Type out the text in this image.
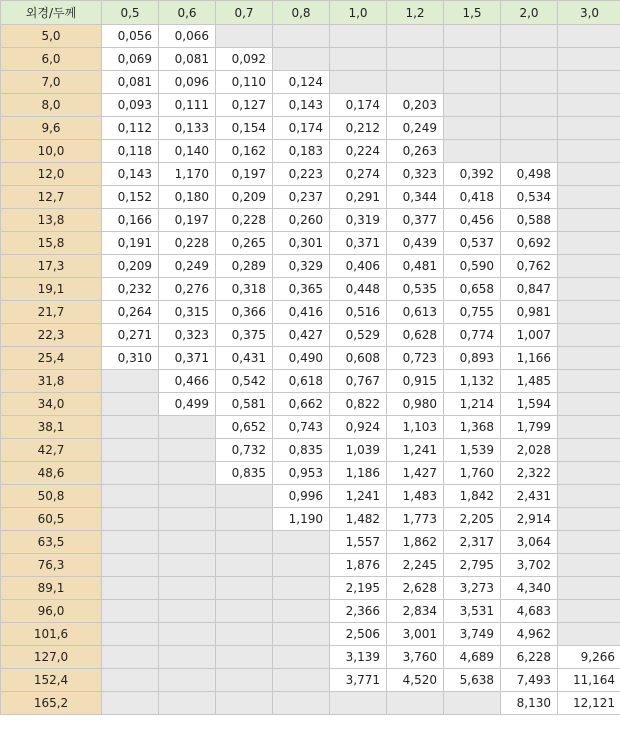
외경/두께	0,5	0,6	0,7	0,8	1,0	1,2	1,5	2,0	3,0
5,0	0,056	0,066							
6,0	0,069	0,081	0,092						
7,0	0,081	0,096	0,110	0,124					
8,0	0,093	0,111	0,127	0,143	0,174	0,203			
9,6	0,112	0,133	0,154	0,174	0,212	0,249			
10,0	0,118	0,140	0,162	0,183	0,224	0,263			
12,0	0,143	1,170	0,197	0,223	0,274	0,323	0,392	0,498	
12,7	0,152	0,180	0,209	0,237	0,291	0,344	0,418	0,534	
13,8	0,166	0,197	0,228	0,260	0,319	0,377	0,456	0,588	
15,8	0,191	0,228	0,265	0,301	0,371	0,439	0,537	0,692	
17,3	0,209	0,249	0,289	0,329	0,406	0,481	0,590	0,762	
19,1	0,232	0,276	0,318	0,365	0,448	0,535	0,658	0,847	
21,7	0,264	0,315	0,366	0,416	0,516	0,613	0,755	0,981	
22,3	0,271	0,323	0,375	0,427	0,529	0,628	0,774	1,007	
25,4	0,310	0,371	0,431	0,490	0,608	0,723	0,893	1,166	
31,8		0,466	0,542	0,618	0,767	0,915	1,132	1,485	
34,0		0,499	0,581	0,662	0,822	0,980	1,214	1,594	
38,1			0,652	0,743	0,924	1,103	1,368	1,799	
42,7			0,732	0,835	1,039	1,241	1,539	2,028	
48,6			0,835	0,953	1,186	1,427	1,760	2,322	
50,8				0,996	1,241	1,483	1,842	2,431	
60,5				1,190	1,482	1,773	2,205	2,914	
63,5					1,557	1,862	2,317	3,064	
76,3					1,876	2,245	2,795	3,702	
89,1					2,195	2,628	3,273	4,340	
96,0					2,366	2,834	3,531	4,683	
101,6					2,506	3,001	3,749	4,962	
127,0					3,139	3,760	4,689	6,228	9,266
152,4					3,771	4,520	5,638	7,493	11,164
165,2								8,130	12,121
